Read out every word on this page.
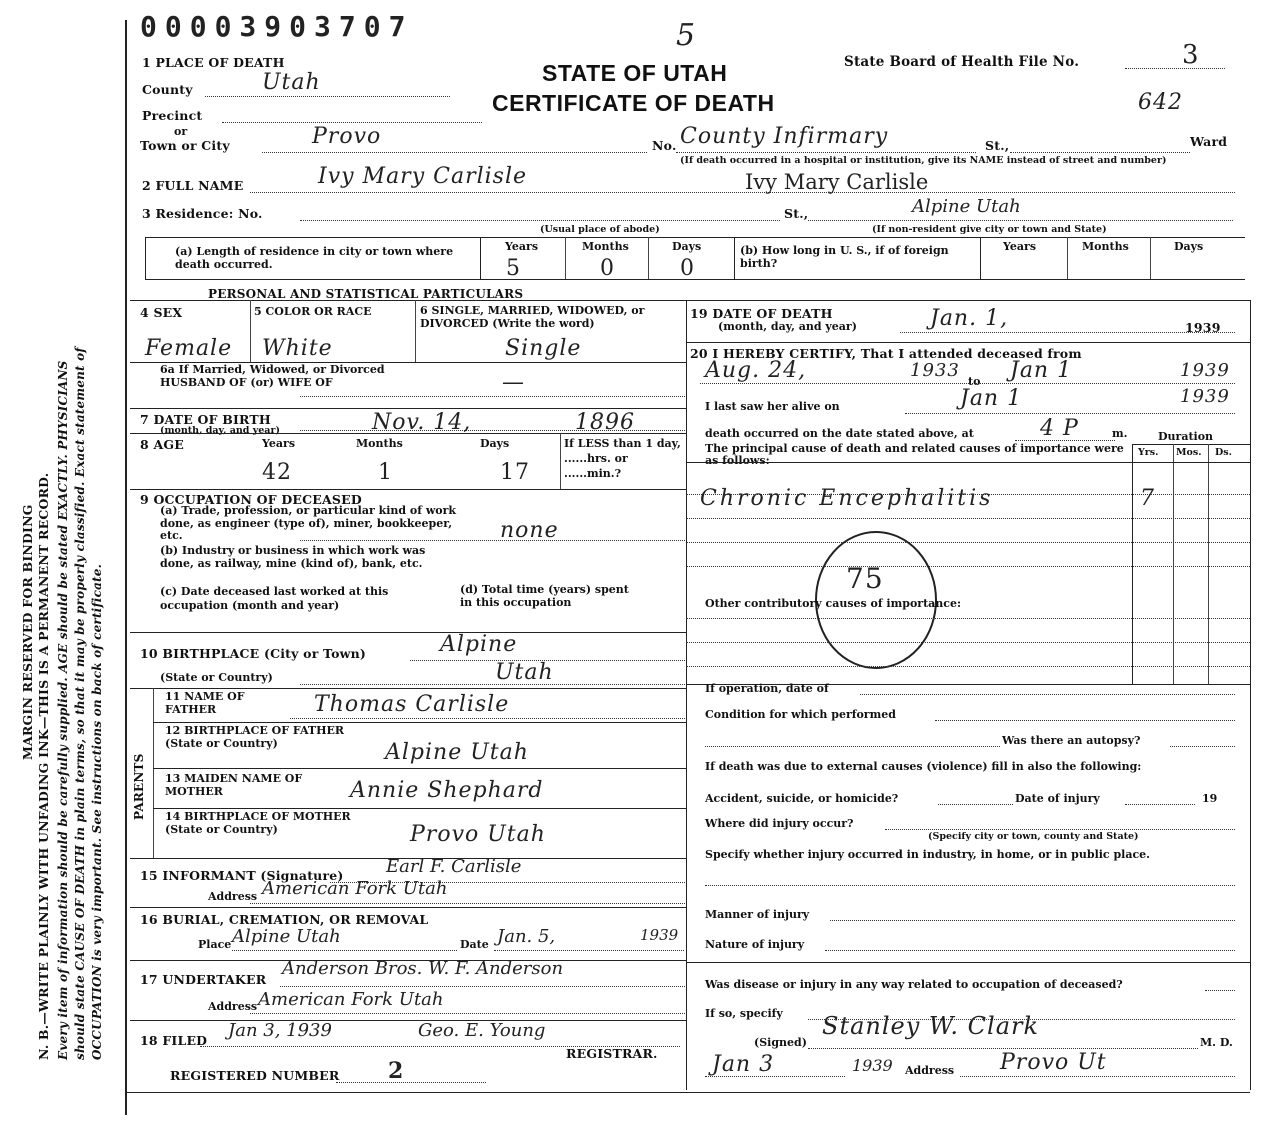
MARGIN RESERVED FOR BINDING N. B.—WRITE PLAINLY WITH UNFADING INK—THIS IS A PERMANENT RECORD. Every item of information should be carefully supplied. AGE should be stated EXACTLY. PHYSICIANS should state CAUSE OF DEATH in plain terms, so that it may be properly classified. Exact statement of OCCUPATION is very important. See instructions on back of certificate.
00003903707	5
STATE OF UTAH
CERTIFICATE OF DEATH
State Board of Health File No.	3
642
1 PLACE OF DEATH
County	Utah
Precinct
or
Town or City	Provo	No. County Infirmary	St.,	Ward
(If death occurred in a hospital or institution, give its NAME instead of street and number)
2 FULL NAME	Ivy Mary Carlisle	Ivy Mary Carlisle
3 Residence: No.	St.,	Alpine Utah
(Usual place of abode)	(If non-resident give city or town and State)
(a) Length of residence in city or town where death occurred.
Years	Months	Days
5	0	0
(b) How long in U. S., if of foreign birth?
Years	Months	Days
PERSONAL AND STATISTICAL PARTICULARS
4 SEX	5 COLOR OR RACE	6 SINGLE, MARRIED, WIDOWED, or DIVORCED (Write the word)
Female White	Single
6a If Married, Widowed, or Divorced HUSBAND OF (or) WIFE OF	—
7 DATE OF BIRTH
(month, day, and year)	Nov. 14,	1896
8 AGE	Years	Months	Days	If LESS than 1 day, ......hrs. or ......min.?
42	1	17
9 OCCUPATION OF DECEASED
(a) Trade, profession, or particular kind of work done, as engineer (type of), miner, bookkeeper, etc.	none
(b) Industry or business in which work was done, as railway, mine (kind of), bank, etc.
(c) Date deceased last worked at this occupation (month and year)
(d) Total time (years) spent in this occupation
10 BIRTHPLACE (City or Town)	Alpine
(State or Country)	Utah
PARENTS
11 NAME OF FATHER	Thomas Carlisle
12 BIRTHPLACE OF FATHER (State or Country)	Alpine Utah
13 MAIDEN NAME OF MOTHER	Annie Shephard
14 BIRTHPLACE OF MOTHER (State or Country)	Provo Utah
15 INFORMANT (Signature) Earl F. Carlisle
Address American Fork Utah
16 BURIAL, CREMATION, OR REMOVAL
Place Alpine Utah	Date Jan. 5,	1939
17 UNDERTAKER
Anderson Bros. W. F. Anderson
Address American Fork Utah
18 FILED Jan 3, 1939	Geo. E. Young
REGISTRAR.
REGISTERED NUMBER 2
19 DATE OF DEATH
(month, day, and year)	Jan. 1,	1939
20 I HEREBY CERTIFY, That I attended deceased from
Aug. 24,	1933
to Jan 1	1939
I last saw her alive on	Jan 1	1939
death occurred on the date stated above, at	4 P	m.
The principal cause of death and related causes of importance were as follows:
Duration
Yrs. Mos. Ds.
Chronic Encephalitis	7
75
Other contributory causes of importance:
If operation, date of
Condition for which performed
Was there an autopsy?
If death was due to external causes (violence) fill in also the following:
Accident, suicide, or homicide?	Date of injury	19
Where did injury occur?
(Specify city or town, county and State)
Specify whether injury occurred in industry, in home, or in public place.
Manner of injury
Nature of injury
Was disease or injury in any way related to occupation of deceased?
If so, specify
(Signed)
Stanley W. Clark
M. D.
Jan 3	1939 Address Provo Ut
